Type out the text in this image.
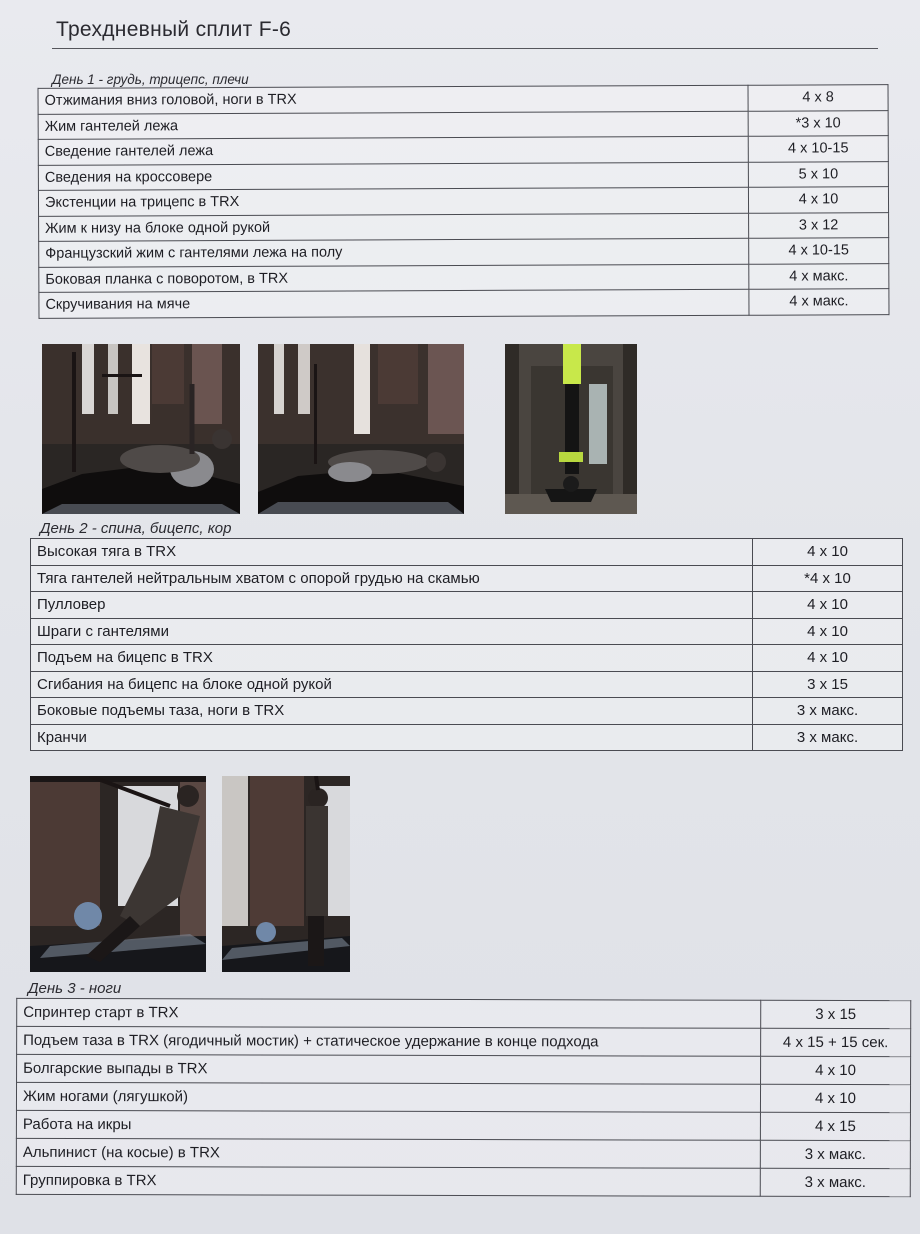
Трехдневный сплит F-6
День 1 - грудь, трицепс, плечи
Отжимания вниз головой, ноги в TRX	4 x 8
Жим гантелей лежа	*3 x 10
Сведение гантелей лежа	4 x 10-15
Сведения на кроссовере	5 x 10
Экстенции на трицепс в TRX	4 x 10
Жим к низу на блоке одной рукой	3 x 12
Французский жим с гантелями лежа на полу	4 x 10-15
Боковая планка с поворотом, в TRX	4 x макс.
Скручивания на мяче	4 x макс.
День 2 - спина, бицепс, кор
Высокая тяга в TRX	4 x 10
Тяга гантелей нейтральным хватом с опорой грудью на скамью	*4 x 10
Пулловер	4 x 10
Шраги с гантелями	4 x 10
Подъем на бицепс в TRX	4 x 10
Сгибания на бицепс на блоке одной рукой	3 x 15
Боковые подъемы таза, ноги в TRX	3 x макс.
Кранчи	3 x макс.
День 3 - ноги
Спринтер старт в TRX	3 x 15
Подъем таза в TRX (ягодичный мостик) + статическое удержание в конце подхода	4 x 15 + 15 сек.
Болгарские выпады в TRX	4 x 10
Жим ногами (лягушкой)	4 x 10
Работа на икры	4 x 15
Альпинист (на косые) в TRX	3 x макс.
Группировка в TRX	3 x макс.
